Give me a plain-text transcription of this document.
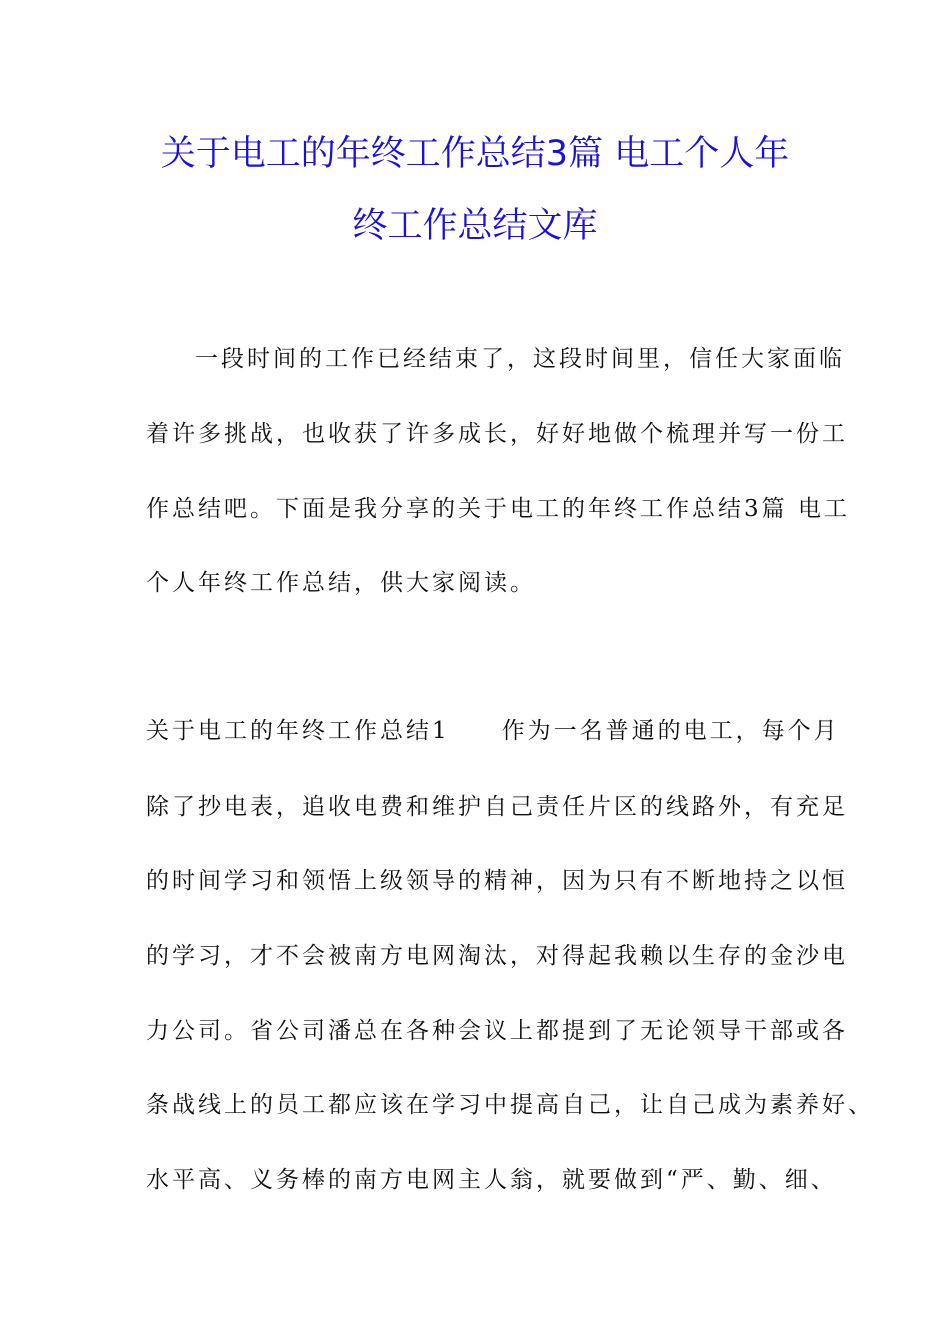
关于电工的年终工作总结3篇 电工个人年
终工作总结文库
一段时间的工作已经结束了，这段时间里，信任大家面临
着许多挑战，也收获了许多成长，好好地做个梳理并写一份工
作总结吧。下面是我分享的关于电工的年终工作总结3篇 电工
个人年终工作总结，供大家阅读。
关于电工的年终工作总结1 作为一名普通的电工，每个月
除了抄电表，追收电费和维护自己责任片区的线路外，有充足
的时间学习和领悟上级领导的精神，因为只有不断地持之以恒
的学习，才不会被南方电网淘汰，对得起我赖以生存的金沙电
力公司。省公司潘总在各种会议上都提到了无论领导干部或各
条战线上的员工都应该在学习中提高自己，让自己成为素养好、
水平高、义务棒的南方电网主人翁，就要做到“严、勤、细、
